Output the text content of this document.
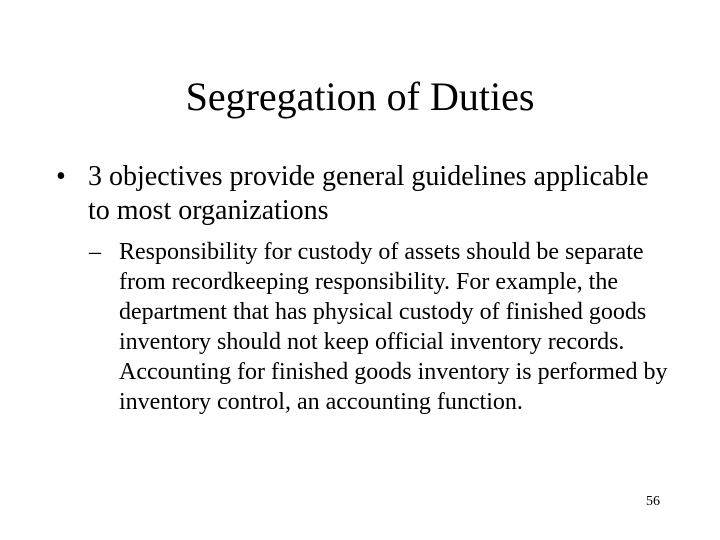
Segregation of Duties
• 3 objectives provide general guidelines applicable to most organizations
– Responsibility for custody of assets should be separate from recordkeeping responsibility. For example, the department that has physical custody of finished goods inventory should not keep official inventory records. Accounting for finished goods inventory is performed by inventory control, an accounting function.
56
